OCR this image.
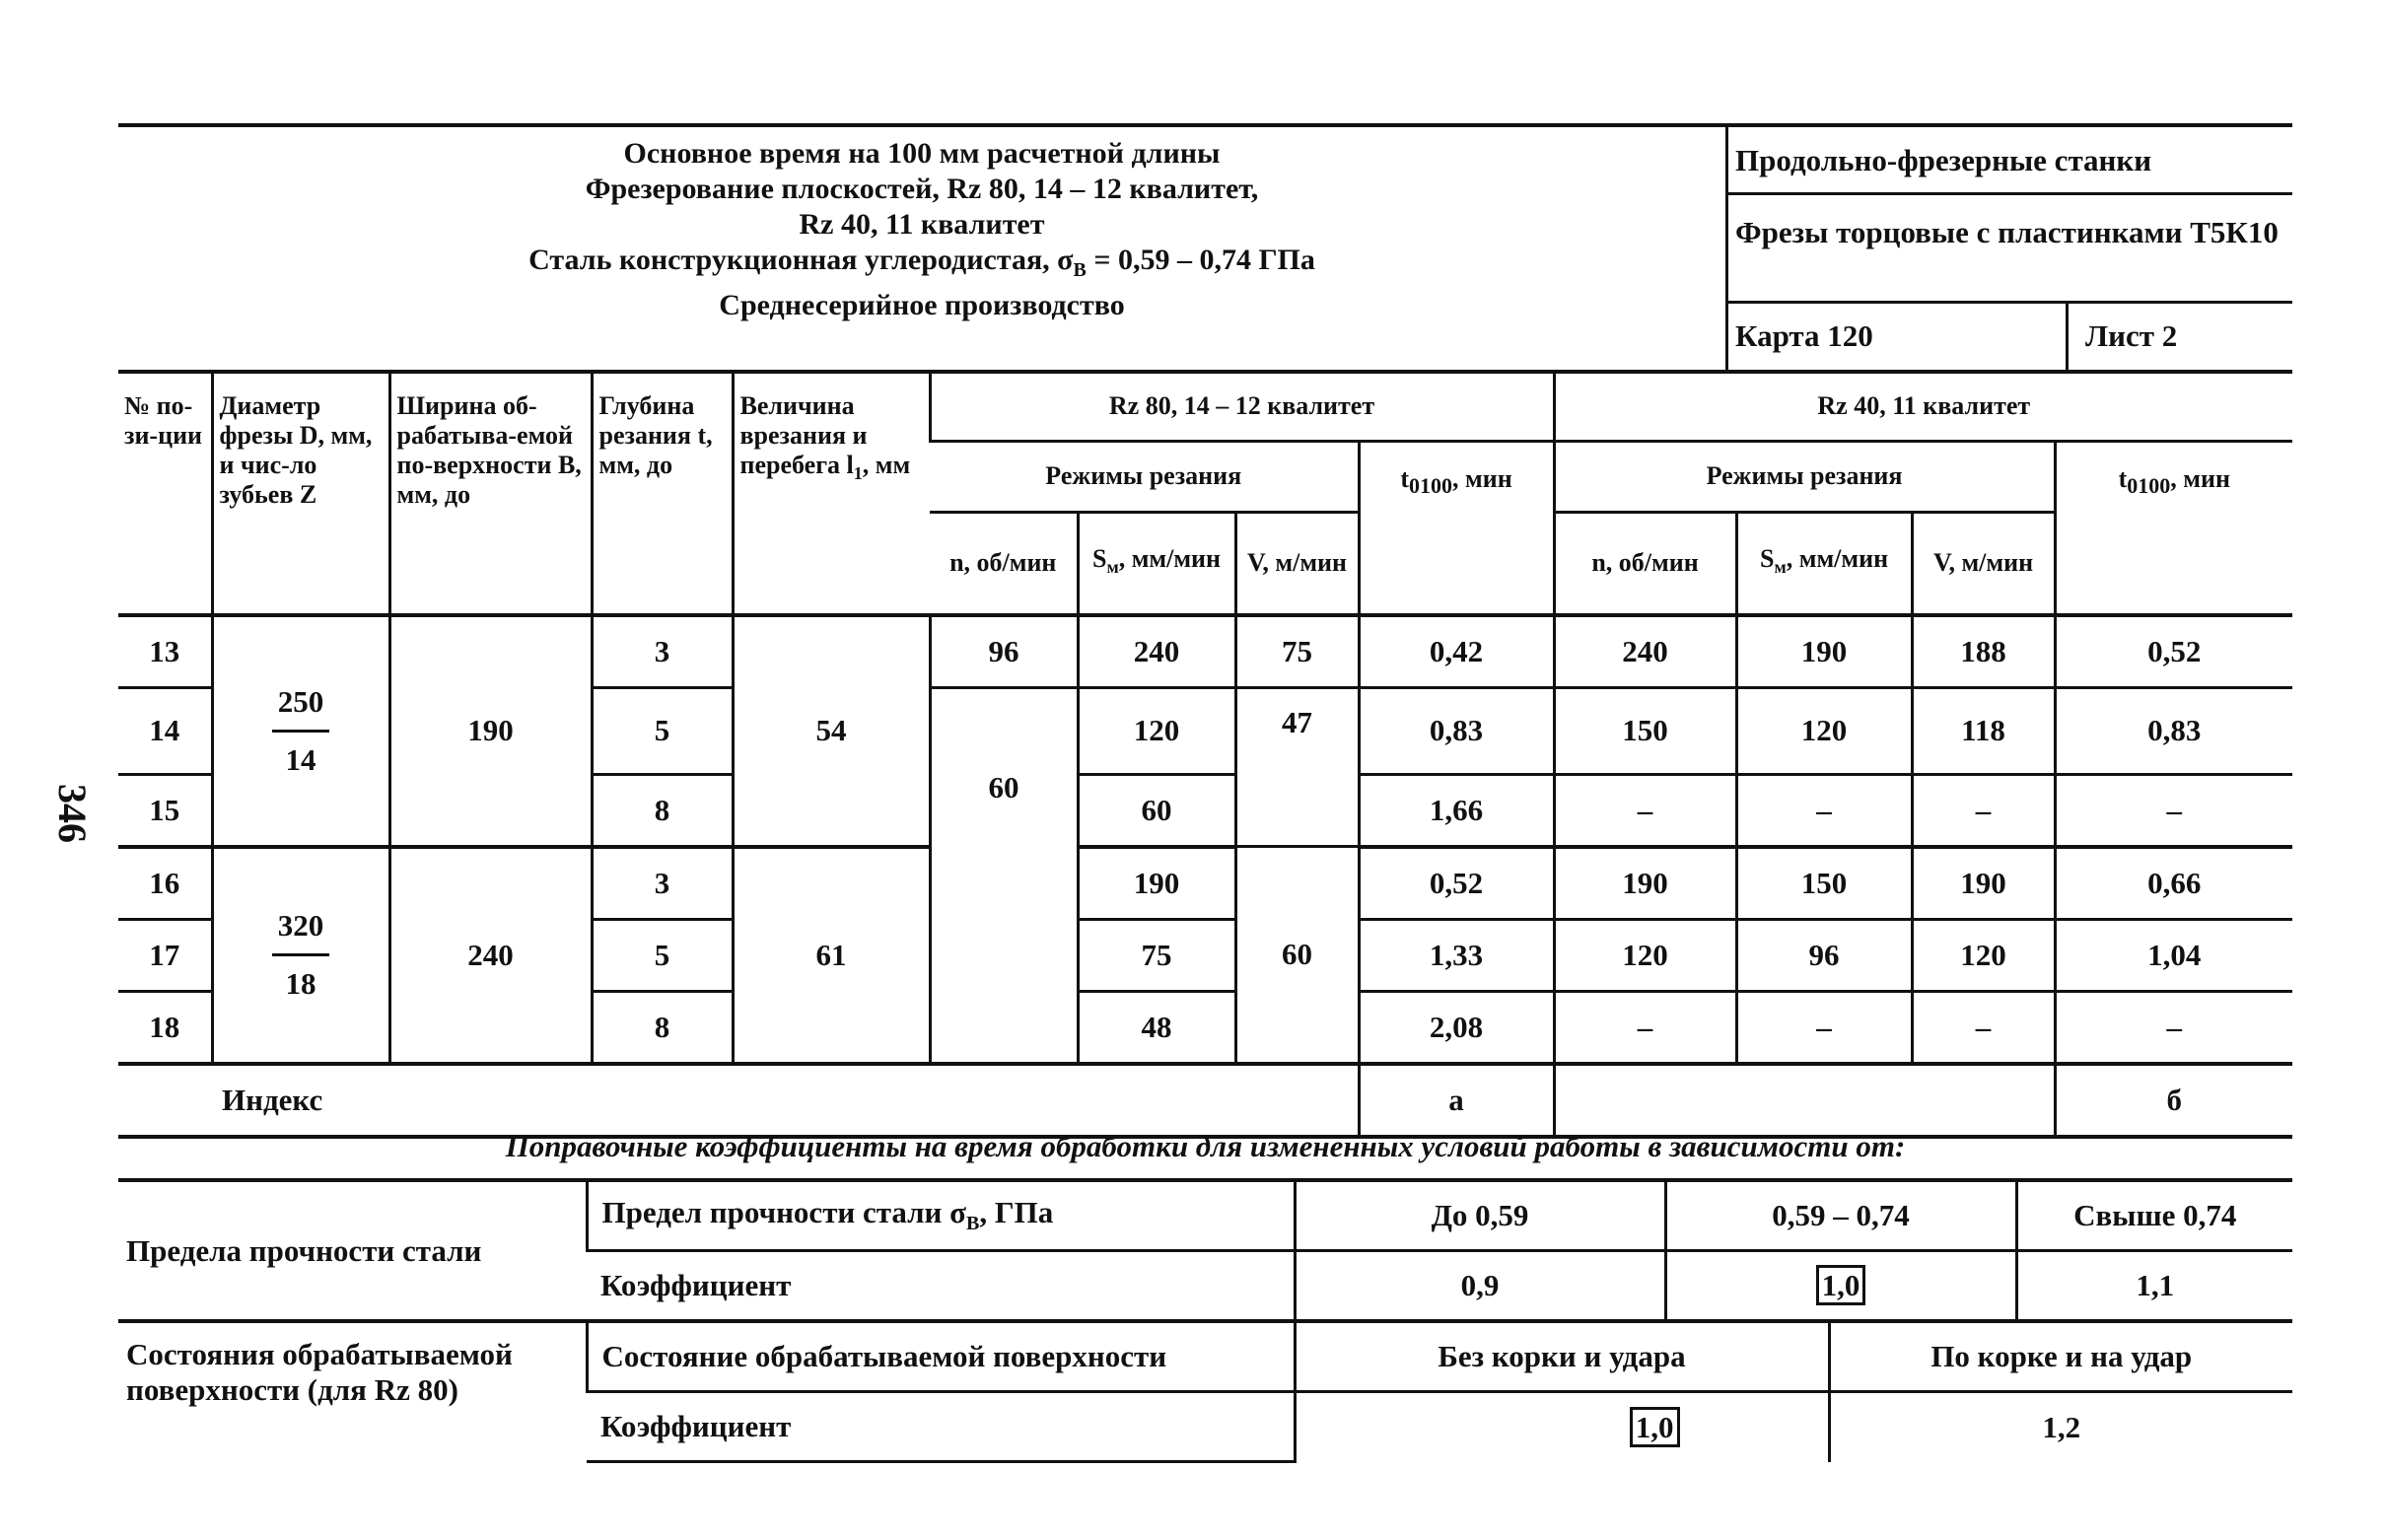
346
Основное время на 100 мм расчетной длины
Фрезерование плоскостей, Rz 80, 14 – 12 квалитет,
Rz 40, 11 квалитет
Сталь конструкционная углеродистая, $\sigma_В = 0,59 - 0,74$ ГПа
Среднесерийное производство
Продольно-фрезерные станки
Фрезы торцовые с пластинками Т5К10
Карта 120	Лист 2
№ по-зи-ции	Диаметр фрезы D, мм, и чис-ло зубьев Z	Ширина об-рабатыва-емой по-верхности B, мм, до	Глубина резания t, мм, до	Величина врезания и перебега $l_1$, мм	Rz 80, 14 – 12 квалитет				Rz 40, 11 квалитет			
					Режимы резания			$t_{0100}$, мин	Режимы резания			$t_{0100}$, мин
					n, об/мин	$S_м$, мм/мин	V, м/мин		n, об/мин	$S_м$, мм/мин	V, м/мин	
13	$\frac{250}{14}$	190	3	54	96	240	75	0,42	240	190	188	0,52
14			5		60	120	47	0,83	150	120	118	0,83
15			8			60		1,66	–	–	–	–
16	$\frac{320}{18}$	240	3	61		190	60	0,52	190	150	190	0,66
17			5			75		1,33	120	96	120	1,04
18			8			48		2,08	–	–	–	–
Индекс								а				б
Поправочные коэффициенты на время обработки для измененных условий работы в зависимости от:
Предела прочности стали	Предел прочности стали $\sigma_В$, ГПа	До 0,59	0,59 – 0,74		Свыше 0,74
	Коэффициент	0,9	1,0		1,1
Состояния обрабатываемой поверхности (для Rz 80)	Состояние обрабатываемой поверхности	Без корки и удара		По корке и на удар	
	Коэффициент	1,0		1,2	
